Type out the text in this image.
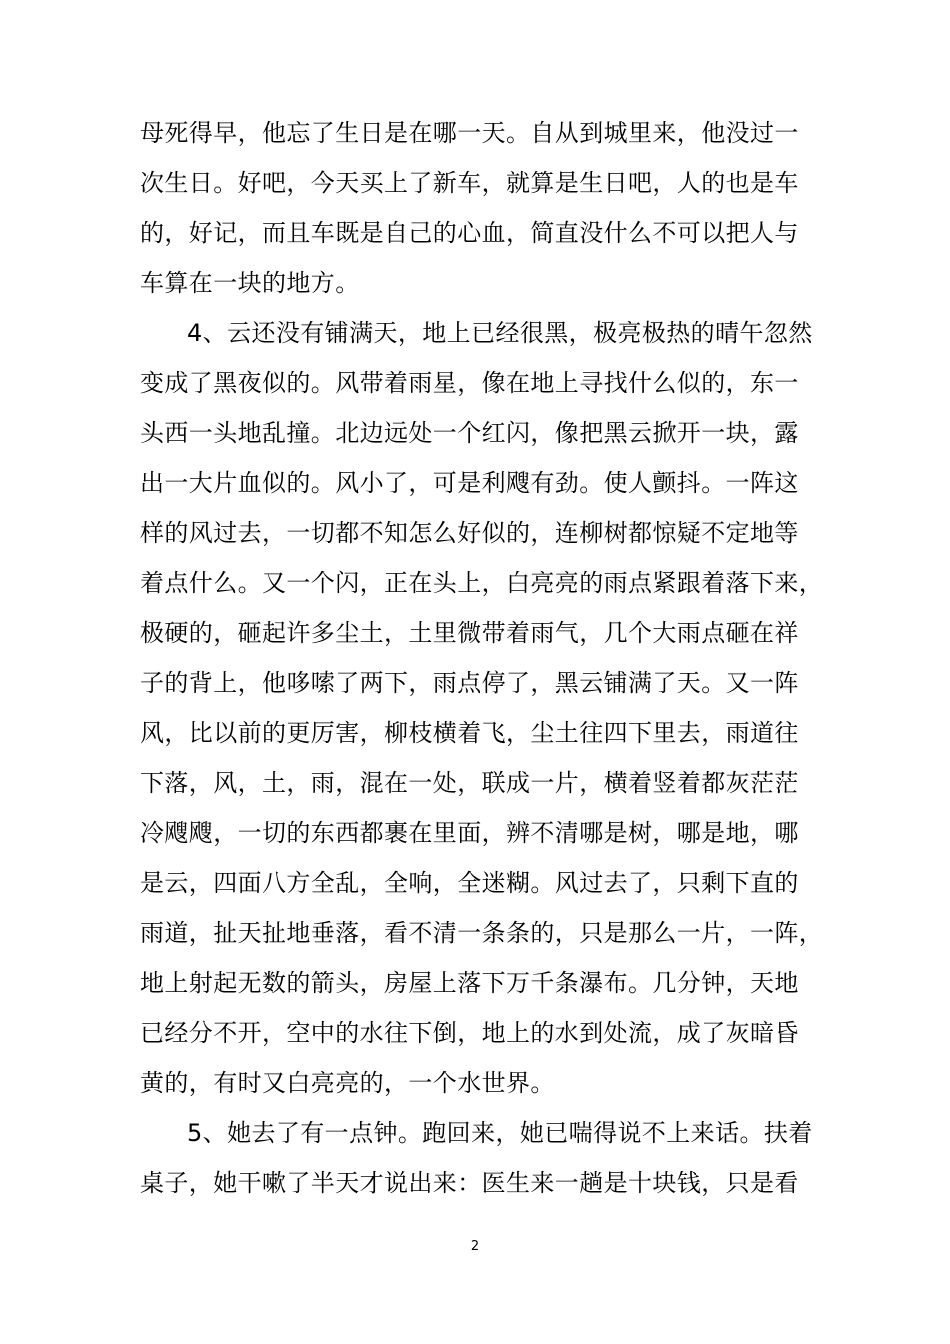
母死得早，他忘了生日是在哪一天。自从到城里来，他没过一
次生日。好吧，今天买上了新车，就算是生日吧，人的也是车
的，好记，而且车既是自己的心血，简直没什么不可以把人与
车算在一块的地方。
4、云还没有铺满天，地上已经很黑，极亮极热的晴午忽然
变成了黑夜似的。风带着雨星，像在地上寻找什么似的，东一
头西一头地乱撞。北边远处一个红闪，像把黑云掀开一块，露
出一大片血似的。风小了，可是利飕有劲。使人颤抖。一阵这
样的风过去，一切都不知怎么好似的，连柳树都惊疑不定地等
着点什么。又一个闪，正在头上，白亮亮的雨点紧跟着落下来，
极硬的，砸起许多尘土，土里微带着雨气，几个大雨点砸在祥
子的背上，他哆嗦了两下，雨点停了，黑云铺满了天。又一阵
风，比以前的更厉害，柳枝横着飞，尘土往四下里去，雨道往
下落，风，土，雨，混在一处，联成一片，横着竖着都灰茫茫
冷飕飕，一切的东西都裹在里面，辨不清哪是树，哪是地，哪
是云，四面八方全乱，全响，全迷糊。风过去了，只剩下直的
雨道，扯天扯地垂落，看不清一条条的，只是那么一片，一阵，
地上射起无数的箭头，房屋上落下万千条瀑布。几分钟，天地
已经分不开，空中的水往下倒，地上的水到处流，成了灰暗昏
黄的，有时又白亮亮的，一个水世界。
5、她去了有一点钟。跑回来，她已喘得说不上来话。扶着
桌子，她干嗽了半天才说出来：医生来一趟是十块钱，只是看
2
